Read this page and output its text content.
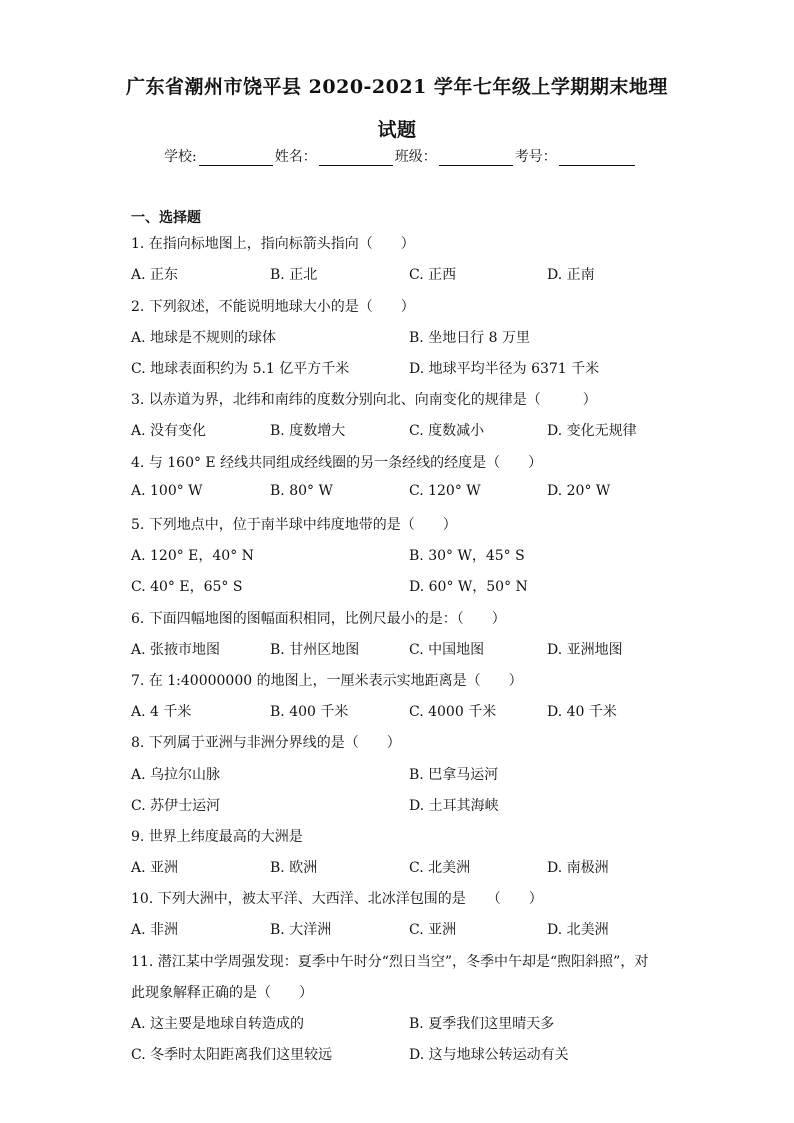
广东省潮州市饶平县 2020-2021 学年七年级上学期期末地理
试题
学校:	姓名：	班级：	考号：
一、选择题
1. 在指向标地图上，指向标箭头指向（　　）
A. 正东	B. 正北	C. 正西	D. 正南
2. 下列叙述，不能说明地球大小的是（　　）
A. 地球是不规则的球体	B. 坐地日行 8 万里
C. 地球表面积约为 5.1 亿平方千米	D. 地球平均半径为 6371 千米
3. 以赤道为界，北纬和南纬的度数分别向北、向南变化的规律是（　　　）
A. 没有变化	B. 度数增大	C. 度数减小	D. 变化无规律
4. 与 160° E 经线共同组成经线圈的另一条经线的经度是（　　）
A. 100° W	B. 80° W	C. 120° W	D. 20° W
5. 下列地点中，位于南半球中纬度地带的是（　　）
A. 120° E，40° N	B. 30° W，45° S
C. 40° E，65° S	D. 60° W，50° N
6. 下面四幅地图的图幅面积相同，比例尺最小的是：（　　）
A. 张掖市地图	B. 甘州区地图	C. 中国地图	D. 亚洲地图
7. 在 1:40000000 的地图上，一厘米表示实地距离是（　　）
A. 4 千米	B. 400 千米	C. 4000 千米	D. 40 千米
8. 下列属于亚洲与非洲分界线的是（　　）
A. 乌拉尔山脉	B. 巴拿马运河
C. 苏伊士运河	D. 土耳其海峡
9. 世界上纬度最高的大洲是
A. 亚洲	B. 欧洲	C. 北美洲	D. 南极洲
10. 下列大洲中，被太平洋、大西洋、北冰洋包围的是　　（　　）
A. 非洲	B. 大洋洲	C. 亚洲	D. 北美洲
11. 潜江某中学周强发现：夏季中午时分“烈日当空”，冬季中午却是“煦阳斜照”，对
此现象解释正确的是（　　）
A. 这主要是地球自转造成的	B. 夏季我们这里晴天多
C. 冬季时太阳距离我们这里较远	D. 这与地球公转运动有关
